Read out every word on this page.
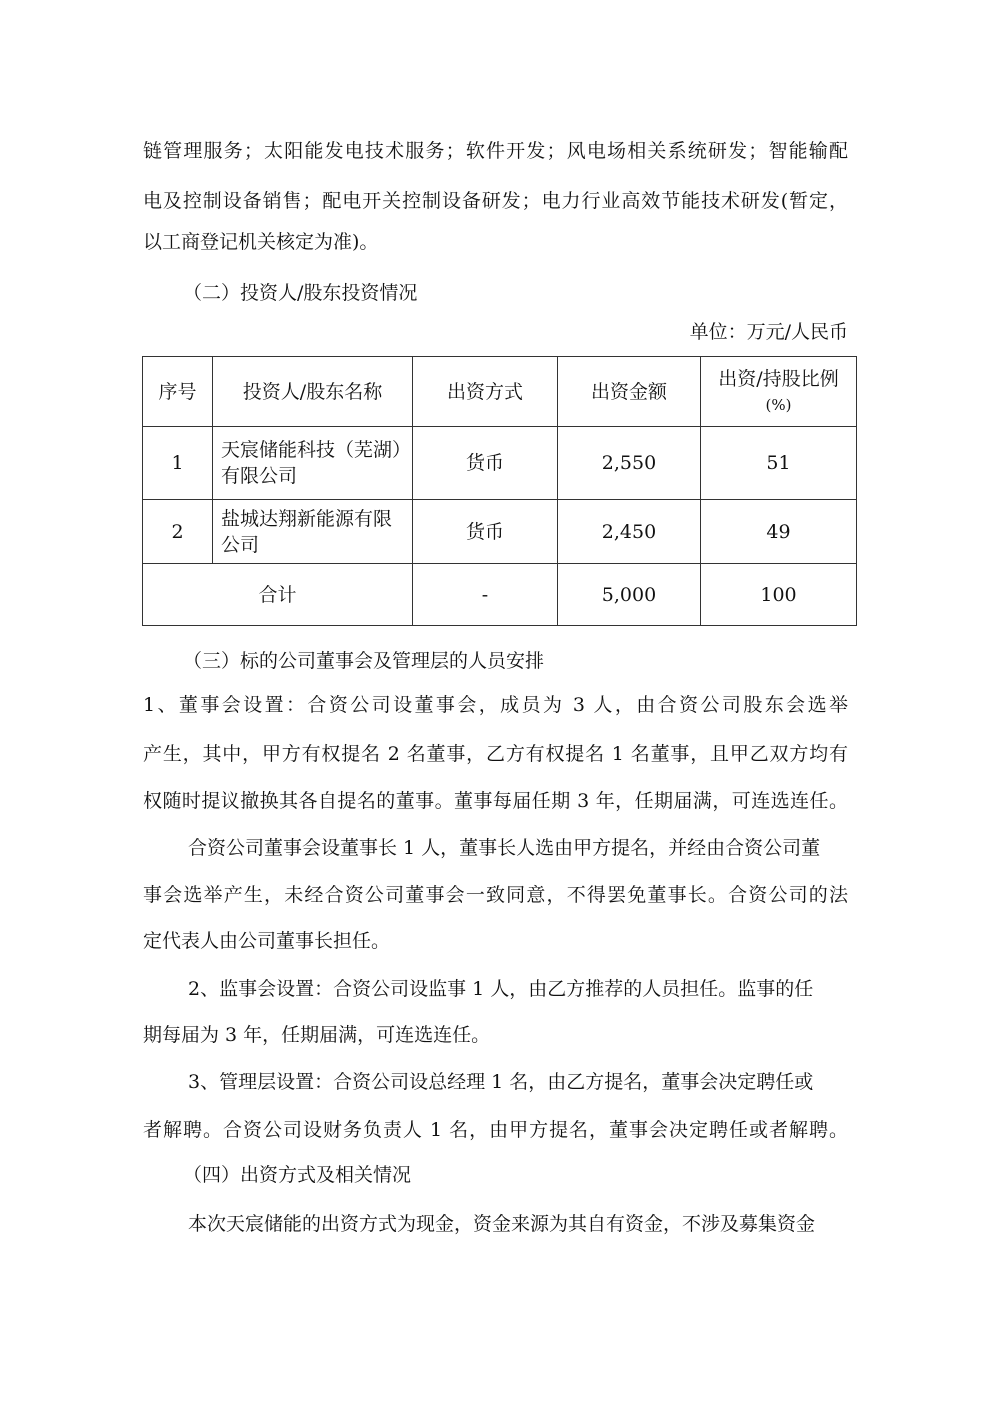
链管理服务；太阳能发电技术服务；软件开发；风电场相关系统研发；智能输配

电及控制设备销售；配电开关控制设备研发；电力行业高效节能技术研发(暂定，

以工商登记机关核定为准)。

（二）投资人/股东投资情况

单位：万元/人民币

序号	投资人/股东名称	出资方式	出资金额	出资/持股比例
(%)

1	天宸储能科技（芜湖）
有限公司	货币	2,550	51
2	盐城达翔新能源有限
公司	货币	2,450	49
合计		-	5,000	100

（三）标的公司董事会及管理层的人员安排

1、董事会设置：合资公司设董事会，成员为 3 人，由合资公司股东会选举

产生，其中，甲方有权提名 2 名董事，乙方有权提名 1 名董事，且甲乙双方均有

权随时提议撤换其各自提名的董事。董事每届任期 3 年，任期届满，可连选连任。

合资公司董事会设董事长 1 人，董事长人选由甲方提名，并经由合资公司董

事会选举产生，未经合资公司董事会一致同意，不得罢免董事长。合资公司的法

定代表人由公司董事长担任。

2、监事会设置：合资公司设监事 1 人，由乙方推荐的人员担任。监事的任

期每届为 3 年，任期届满，可连选连任。

3、管理层设置：合资公司设总经理 1 名，由乙方提名，董事会决定聘任或

者解聘。合资公司设财务负责人 1 名，由甲方提名，董事会决定聘任或者解聘。

（四）出资方式及相关情况

本次天宸储能的出资方式为现金，资金来源为其自有资金，不涉及募集资金
